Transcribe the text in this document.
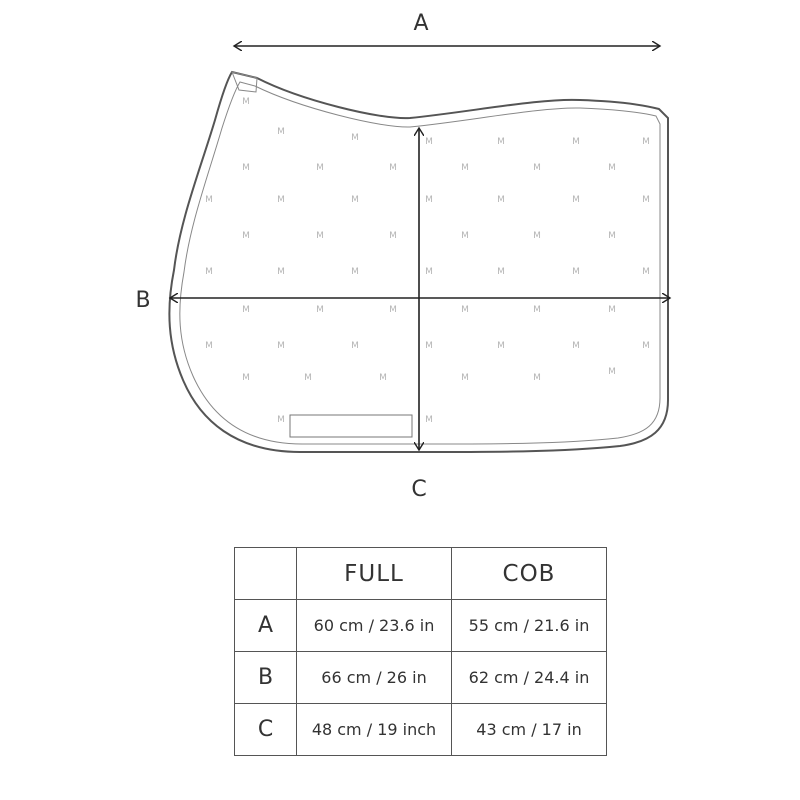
M
M
M	M	M	M	M
M	M	M	M	M	M
M	M	M	M	M	M	M
M	M	M	M	M	M
M	M	M	M	M	M	M
M	M	M	M	M	M
M	M	M	M	M	M	M
M	M	M	M	M
M
M	M
A
B
C
	FULL	COB
A	60 cm / 23.6 in	55 cm / 21.6 in
B	66 cm / 26 in	62 cm / 24.4 in
C	48 cm / 19 inch	43 cm / 17 in
